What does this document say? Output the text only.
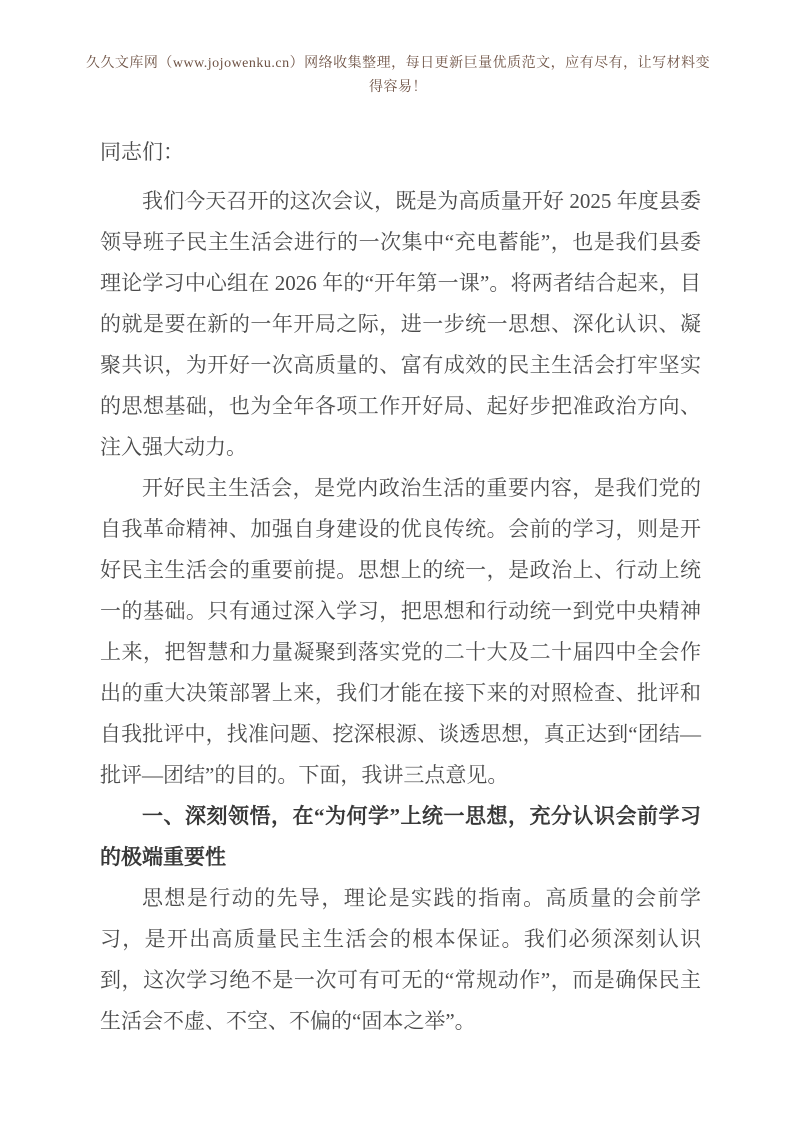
久久文库网（www.jojowenku.cn）网络收集整理，每日更新巨量优质范文，应有尽有，让写材料变得容易！

同志们：

我们今天召开的这次会议，既是为高质量开好 2025 年度县委领导班子民主生活会进行的一次集中“充电蓄能”，也是我们县委理论学习中心组在 2026 年的“开年第一课”。将两者结合起来，目的就是要在新的一年开局之际，进一步统一思想、深化认识、凝聚共识，为开好一次高质量的、富有成效的民主生活会打牢坚实的思想基础，也为全年各项工作开好局、起好步把准政治方向、注入强大动力。

开好民主生活会，是党内政治生活的重要内容，是我们党的自我革命精神、加强自身建设的优良传统。会前的学习，则是开好民主生活会的重要前提。思想上的统一，是政治上、行动上统一的基础。只有通过深入学习，把思想和行动统一到党中央精神上来，把智慧和力量凝聚到落实党的二十大及二十届四中全会作出的重大决策部署上来，我们才能在接下来的对照检查、批评和自我批评中，找准问题、挖深根源、谈透思想，真正达到“团结—批评—团结”的目的。下面，我讲三点意见。

一、深刻领悟，在“为何学”上统一思想，充分认识会前学习的极端重要性

思想是行动的先导，理论是实践的指南。高质量的会前学习，是开出高质量民主生活会的根本保证。我们必须深刻认识到，这次学习绝不是一次可有可无的“常规动作”，而是确保民主生活会不虚、不空、不偏的“固本之举”。
